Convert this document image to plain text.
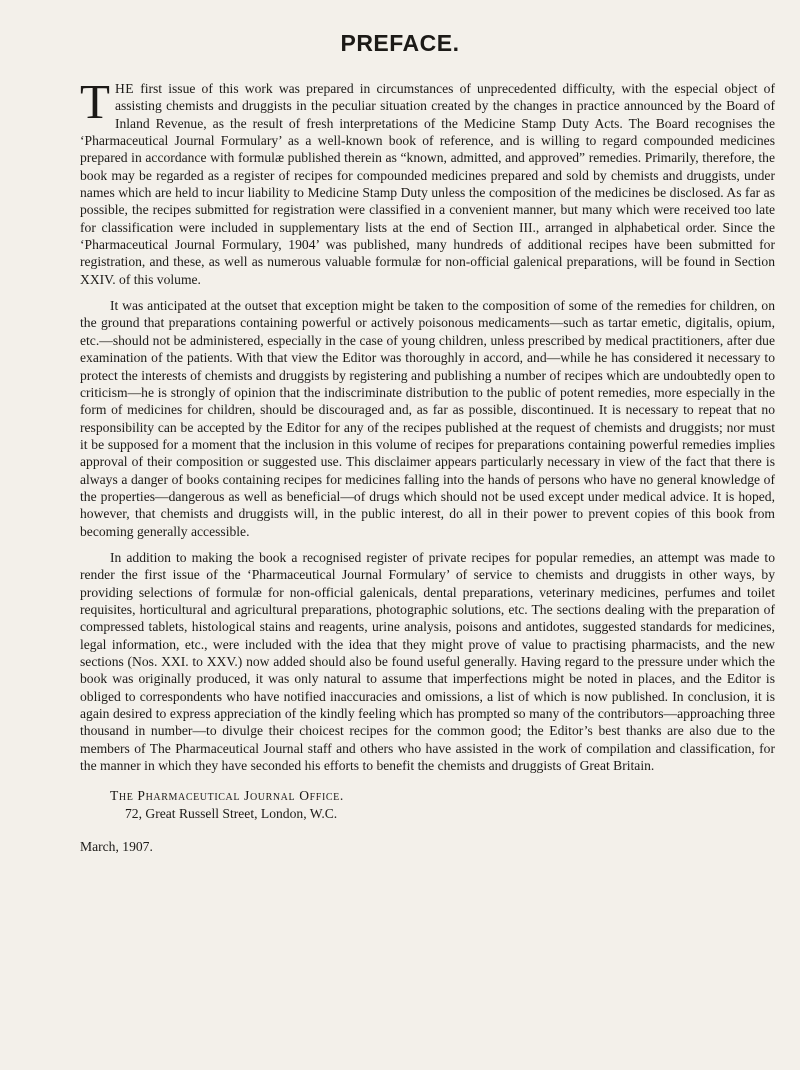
PREFACE.

THE first issue of this work was prepared in circumstances of unprecedented difficulty, with the especial object of assisting chemists and druggists in the peculiar situation created by the changes in practice announced by the Board of Inland Revenue, as the result of fresh interpretations of the Medicine Stamp Duty Acts. The Board recognises the ‘Pharmaceutical Journal Formulary’ as a well-known book of reference, and is willing to regard compounded medicines prepared in accordance with formulæ published therein as “known, admitted, and approved” remedies. Primarily, therefore, the book may be regarded as a register of recipes for compounded medicines prepared and sold by chemists and druggists, under names which are held to incur liability to Medicine Stamp Duty unless the composition of the medicines be disclosed. As far as possible, the recipes submitted for registration were classified in a convenient manner, but many which were received too late for classification were included in supplementary lists at the end of Section III., arranged in alphabetical order. Since the ‘Pharmaceutical Journal Formulary, 1904’ was published, many hundreds of additional recipes have been submitted for registration, and these, as well as numerous valuable formulæ for non-official galenical preparations, will be found in Section XXIV. of this volume.

It was anticipated at the outset that exception might be taken to the composition of some of the remedies for children, on the ground that preparations containing powerful or actively poisonous medicaments—such as tartar emetic, digitalis, opium, etc.—should not be administered, especially in the case of young children, unless prescribed by medical practitioners, after due examination of the patients. With that view the Editor was thoroughly in accord, and—while he has considered it necessary to protect the interests of chemists and druggists by registering and publishing a number of recipes which are undoubtedly open to criticism—he is strongly of opinion that the indiscriminate distribution to the public of potent remedies, more especially in the form of medicines for children, should be discouraged and, as far as possible, discontinued. It is necessary to repeat that no responsibility can be accepted by the Editor for any of the recipes published at the request of chemists and druggists; nor must it be supposed for a moment that the inclusion in this volume of recipes for preparations containing powerful remedies implies approval of their composition or suggested use. This disclaimer appears particularly necessary in view of the fact that there is always a danger of books containing recipes for medicines falling into the hands of persons who have no general knowledge of the properties—dangerous as well as beneficial—of drugs which should not be used except under medical advice. It is hoped, however, that chemists and druggists will, in the public interest, do all in their power to prevent copies of this book from becoming generally accessible.

In addition to making the book a recognised register of private recipes for popular remedies, an attempt was made to render the first issue of the ‘Pharmaceutical Journal Formulary’ of service to chemists and druggists in other ways, by providing selections of formulæ for non-official galenicals, dental preparations, veterinary medicines, perfumes and toilet requisites, horticultural and agricultural preparations, photographic solutions, etc. The sections dealing with the preparation of compressed tablets, histological stains and reagents, urine analysis, poisons and antidotes, suggested standards for medicines, legal information, etc., were included with the idea that they might prove of value to practising pharmacists, and the new sections (Nos. XXI. to XXV.) now added should also be found useful generally. Having regard to the pressure under which the book was originally produced, it was only natural to assume that imperfections might be noted in places, and the Editor is obliged to correspondents who have notified inaccuracies and omissions, a list of which is now published. In conclusion, it is again desired to express appreciation of the kindly feeling which has prompted so many of the contributors—approaching three thousand in number—to divulge their choicest recipes for the common good; the Editor’s best thanks are also due to the members of The Pharmaceutical Journal staff and others who have assisted in the work of compilation and classification, for the manner in which they have seconded his efforts to benefit the chemists and druggists of Great Britain.

The Pharmaceutical Journal Office.
72, Great Russell Street, London, W.C.
March, 1907.
